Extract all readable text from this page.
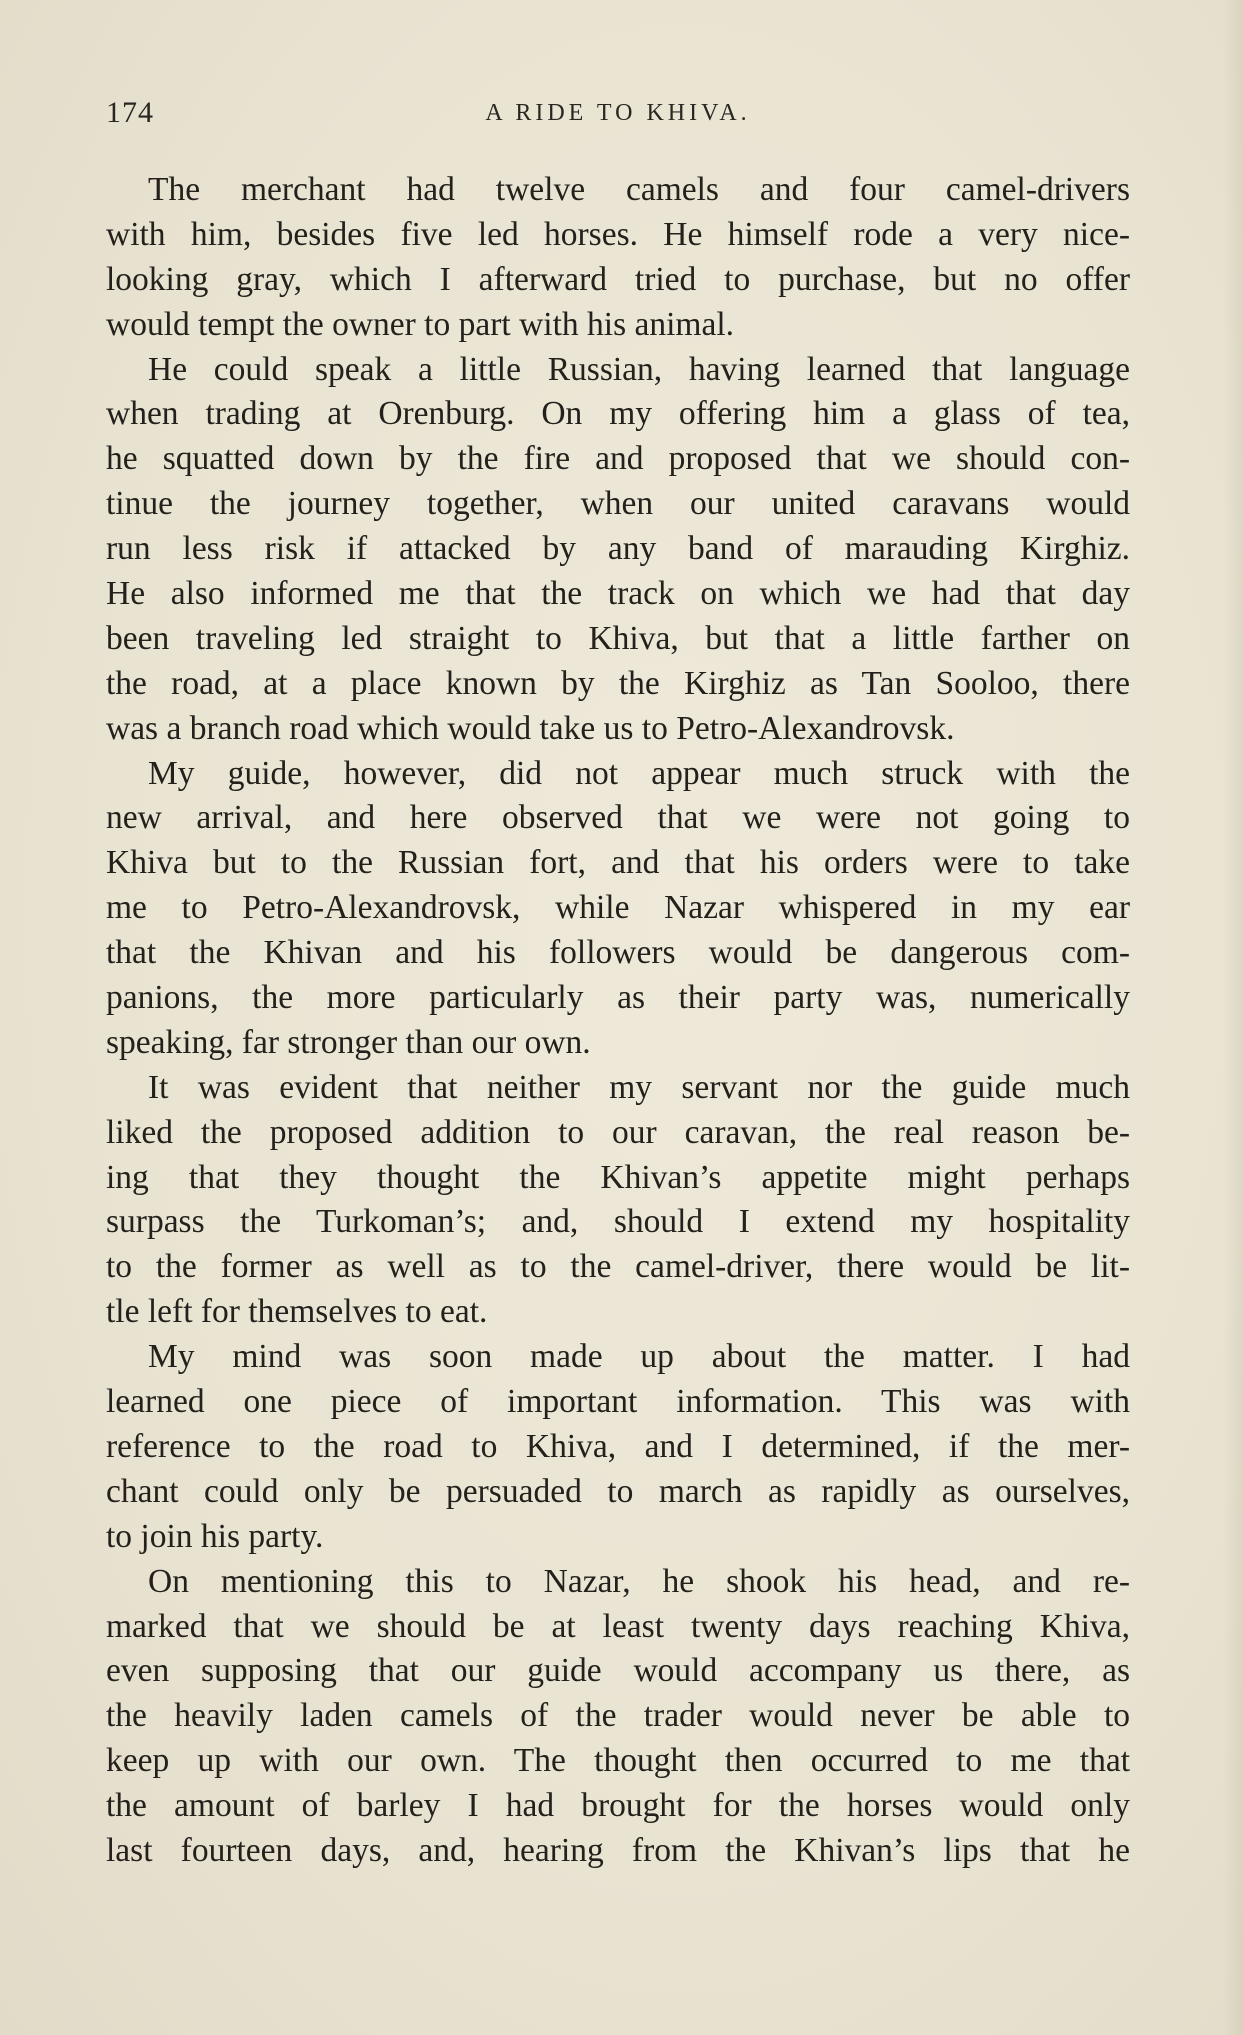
174	A RIDE TO KHIVA.
The merchant had twelve camels and four camel-drivers
with him, besides five led horses. He himself rode a very nice-
looking gray, which I afterward tried to purchase, but no offer
would tempt the owner to part with his animal.
He could speak a little Russian, having learned that language
when trading at Orenburg. On my offering him a glass of tea,
he squatted down by the fire and proposed that we should con-
tinue the journey together, when our united caravans would
run less risk if attacked by any band of marauding Kirghiz.
He also informed me that the track on which we had that day
been traveling led straight to Khiva, but that a little farther on
the road, at a place known by the Kirghiz as Tan Sooloo, there
was a branch road which would take us to Petro-Alexandrovsk.
My guide, however, did not appear much struck with the
new arrival, and here observed that we were not going to
Khiva but to the Russian fort, and that his orders were to take
me to Petro-Alexandrovsk, while Nazar whispered in my ear
that the Khivan and his followers would be dangerous com-
panions, the more particularly as their party was, numerically
speaking, far stronger than our own.
It was evident that neither my servant nor the guide much
liked the proposed addition to our caravan, the real reason be-
ing that they thought the Khivan’s appetite might perhaps
surpass the Turkoman’s; and, should I extend my hospitality
to the former as well as to the camel-driver, there would be lit-
tle left for themselves to eat.
My mind was soon made up about the matter. I had
learned one piece of important information. This was with
reference to the road to Khiva, and I determined, if the mer-
chant could only be persuaded to march as rapidly as ourselves,
to join his party.
On mentioning this to Nazar, he shook his head, and re-
marked that we should be at least twenty days reaching Khiva,
even supposing that our guide would accompany us there, as
the heavily laden camels of the trader would never be able to
keep up with our own. The thought then occurred to me that
the amount of barley I had brought for the horses would only
last fourteen days, and, hearing from the Khivan’s lips that he
